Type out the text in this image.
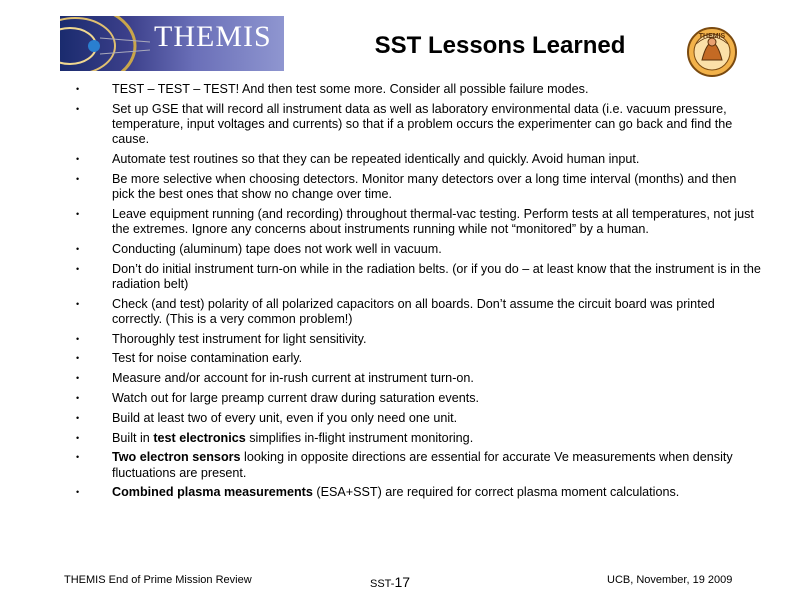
THEMIS	SST Lessons Learned	THEMIS
•	TEST – TEST – TEST! And then test some more. Consider all possible failure modes.
•	Set up GSE that will record all instrument data as well as laboratory environmental data (i.e. vacuum pressure, temperature, input voltages and currents) so that if a problem occurs the experimenter can go back and find the cause.
•	Automate test routines so that they can be repeated identically and quickly. Avoid human input.
•	Be more selective when choosing detectors. Monitor many detectors over a long time interval (months) and then pick the best ones that show no change over time.
•	Leave equipment running (and recording) throughout thermal-vac testing. Perform tests at all temperatures, not just the extremes. Ignore any concerns about instruments running while not “monitored” by a human.
•	Conducting (aluminum) tape does not work well in vacuum.
•	Don’t do initial instrument turn-on while in the radiation belts. (or if you do – at least know that the instrument is in the radiation belt)
•	Check (and test) polarity of all polarized capacitors on all boards. Don’t assume the circuit board was printed correctly. (This is a very common problem!)
•	Thoroughly test instrument for light sensitivity.
•	Test for noise contamination early.
•	Measure and/or account for in-rush current at instrument turn-on.
•	Watch out for large preamp current draw during saturation events.
•	Build at least two of every unit, even if you only need one unit.
•	Built in test electronics simplifies in-flight instrument monitoring.
•	Two electron sensors looking in opposite directions are essential for accurate Ve measurements when density fluctuations are present.
•	Combined plasma measurements (ESA+SST) are required for correct plasma moment calculations.
THEMIS End of Prime Mission Review	SST-17	UCB, November, 19 2009
